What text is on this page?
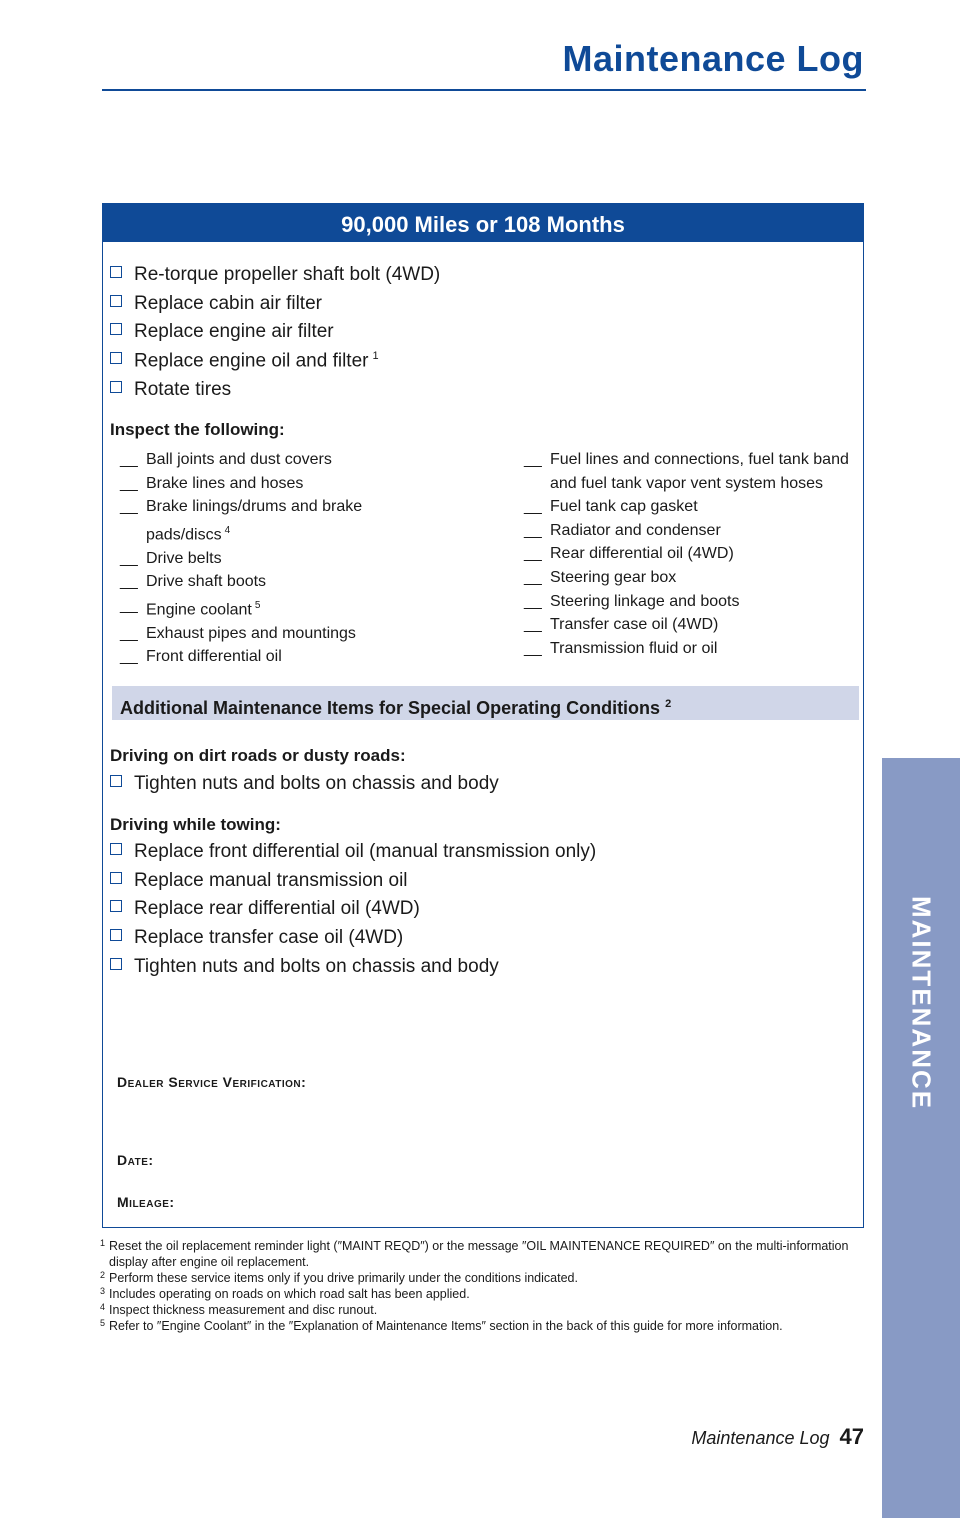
Maintenance Log
MAINTENANCE
90,000 Miles or 108 Months
Re-torque propeller shaft bolt (4WD)
Replace cabin air filter
Replace engine air filter
Replace engine oil and filter $^1$
Rotate tires
Inspect the following:
__ Ball joints and dust covers
__ Brake lines and hoses
__ Brake linings/drums and brake
pads/discs $^4$
__ Drive belts
__ Drive shaft boots
__ Engine coolant $^5$
__ Exhaust pipes and mountings
__ Front differential oil
__ Fuel lines and connections, fuel tank band
and fuel tank vapor vent system hoses
__ Fuel tank cap gasket
__ Radiator and condenser
__ Rear differential oil (4WD)
__ Steering gear box
__ Steering linkage and boots
__ Transfer case oil (4WD)
__ Transmission fluid or oil
Additional Maintenance Items for Special Operating Conditions $^2$
Driving on dirt roads or dusty roads:
Tighten nuts and bolts on chassis and body
Driving while towing:
Replace front differential oil (manual transmission only)
Replace manual transmission oil
Replace rear differential oil (4WD)
Replace transfer case oil (4WD)
Tighten nuts and bolts on chassis and body
Dealer Service Verification:
Date:
Mileage:
1 Reset the oil replacement reminder light (″MAINT REQD″) or the message ″OIL MAINTENANCE REQUIRED″ on the multi-information display after engine oil replacement.
2 Perform these service items only if you drive primarily under the conditions indicated.
3 Includes operating on roads on which road salt has been applied.
4 Inspect thickness measurement and disc runout.
5 Refer to ″Engine Coolant″ in the ″Explanation of Maintenance Items″ section in the back of this guide for more information.
Maintenance Log 47
